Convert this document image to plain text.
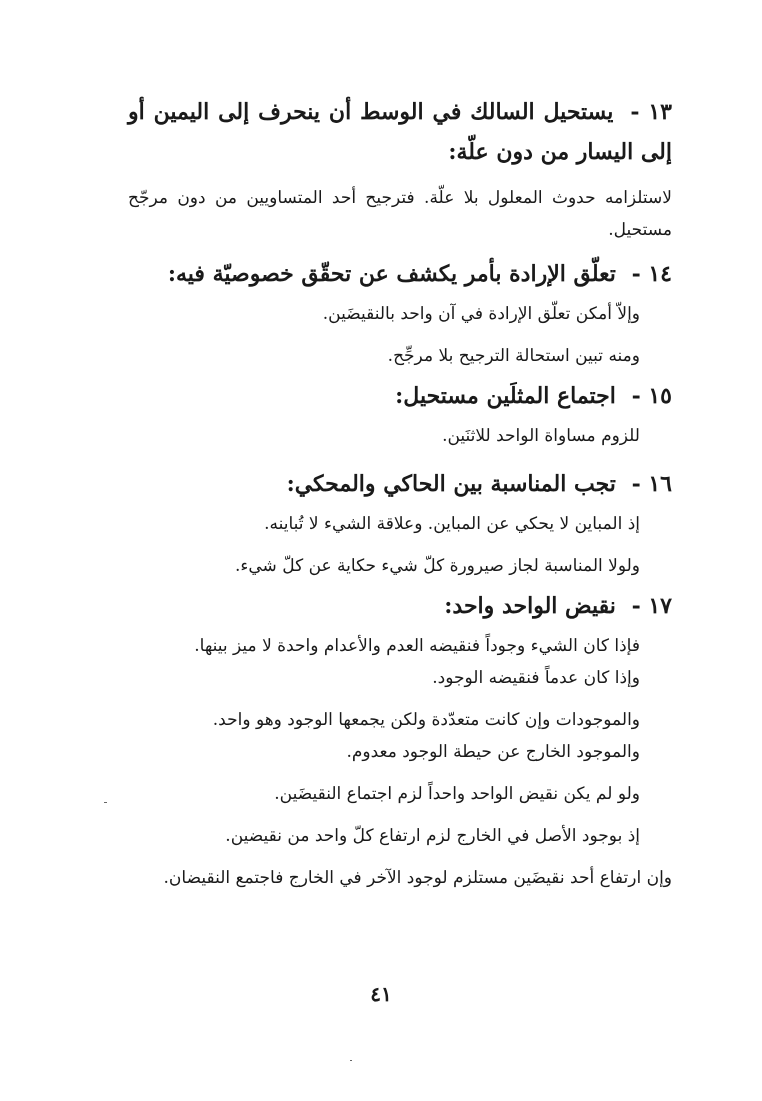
١٣ - يستحيل السالك في الوسط أن ينحرف إلى اليمين أو إلى اليسار من دون علّة:

لاستلزامه حدوث المعلول بلا علّة. فترجيح أحد المتساويين من دون مرجّح مستحيل.

١٤ - تعلّق الإرادة بأمر يكشف عن تحقّق خصوصيّة فيه:

وإلاّ أمكن تعلّق الإرادة في آن واحد بالنقيضَين.

ومنه تبين استحالة الترجيح بلا مرجِّح.

١٥ - اجتماع المثلَين مستحيل:

للزوم مساواة الواحد للاثنَين.

١٦ - تجب المناسبة بين الحاكي والمحكي:

إذ المباين لا يحكي عن المباين. وعلاقة الشيء لا تُباينه.

ولولا المناسبة لجاز صيرورة كلّ شيء حكاية عن كلّ شيء.

١٧ - نقيض الواحد واحد:

فإذا كان الشيء وجوداً فنقيضه العدم والأعدام واحدة لا ميز بينها.

وإذا كان عدماً فنقيضه الوجود.

والموجودات وإن كانت متعدّدة ولكن يجمعها الوجود وهو واحد.

والموجود الخارج عن حيطة الوجود معدوم.

ولو لم يكن نقيض الواحد واحداً لزم اجتماع النقيضَين.

إذ بوجود الأصل في الخارج لزم ارتفاع كلّ واحد من نقيضين.

وإن ارتفاع أحد نقيضَين مستلزم لوجود الآخر في الخارج فاجتمع النقيضان.

٤١
